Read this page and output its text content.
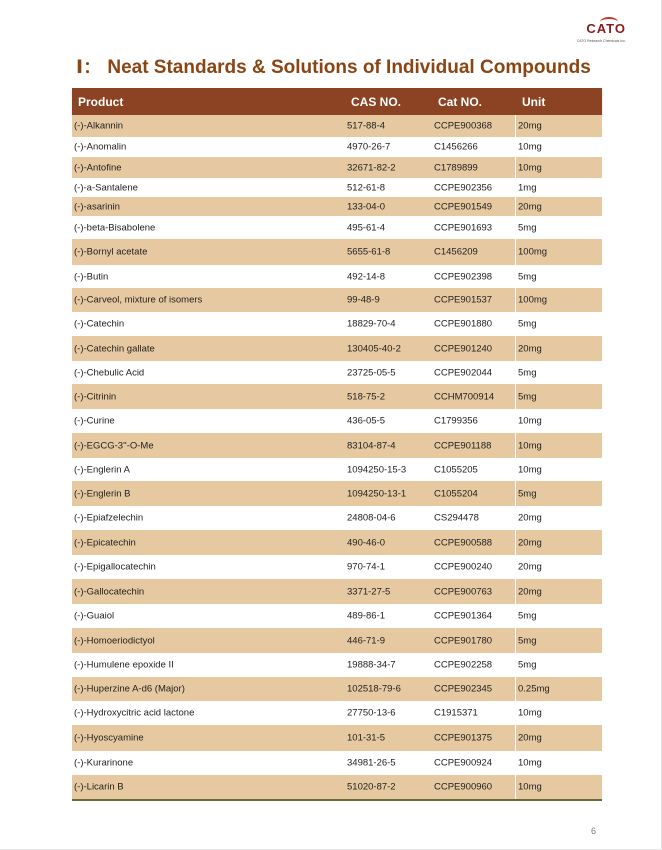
CATO
CATO Research Chemicals Inc.
Ⅰ： Neat Standards & Solutions of Individual Compounds
Product	CAS NO.	Cat NO.	Unit
(-)-Alkannin	517-88-4	CCPE900368	20mg
(-)-Anomalin	4970-26-7	C1456266	10mg
(-)-Antofine	32671-82-2	C1789899	10mg
(-)-a-Santalene	512-61-8	CCPE902356	1mg
(-)-asarinin	133-04-0	CCPE901549	20mg
(-)-beta-Bisabolene	495-61-4	CCPE901693	5mg
(-)-Bornyl acetate	5655-61-8	C1456209	100mg
(-)-Butin	492-14-8	CCPE902398	5mg
(-)-Carveol, mixture of isomers	99-48-9	CCPE901537	100mg
(-)-Catechin	18829-70-4	CCPE901880	5mg
(-)-Catechin gallate	130405-40-2	CCPE901240	20mg
(-)-Chebulic Acid	23725-05-5	CCPE902044	5mg
(-)-Citrinin	518-75-2	CCHM700914	5mg
(-)-Curine	436-05-5	C1799356	10mg
(-)-EGCG-3''-O-Me	83104-87-4	CCPE901188	10mg
(-)-Englerin A	1094250-15-3	C1055205	10mg
(-)-Englerin B	1094250-13-1	C1055204	5mg
(-)-Epiafzelechin	24808-04-6	CS294478	20mg
(-)-Epicatechin	490-46-0	CCPE900588	20mg
(-)-Epigallocatechin	970-74-1	CCPE900240	20mg
(-)-Gallocatechin	3371-27-5	CCPE900763	20mg
(-)-Guaiol	489-86-1	CCPE901364	5mg
(-)-Homoeriodictyol	446-71-9	CCPE901780	5mg
(-)-Humulene epoxide II	19888-34-7	CCPE902258	5mg
(-)-Huperzine A-d6 (Major)	102518-79-6	CCPE902345	0.25mg
(-)-Hydroxycitric acid lactone	27750-13-6	C1915371	10mg
(-)-Hyoscyamine	101-31-5	CCPE901375	20mg
(-)-Kurarinone	34981-26-5	CCPE900924	10mg
(-)-Licarin B	51020-87-2	CCPE900960	10mg
6
